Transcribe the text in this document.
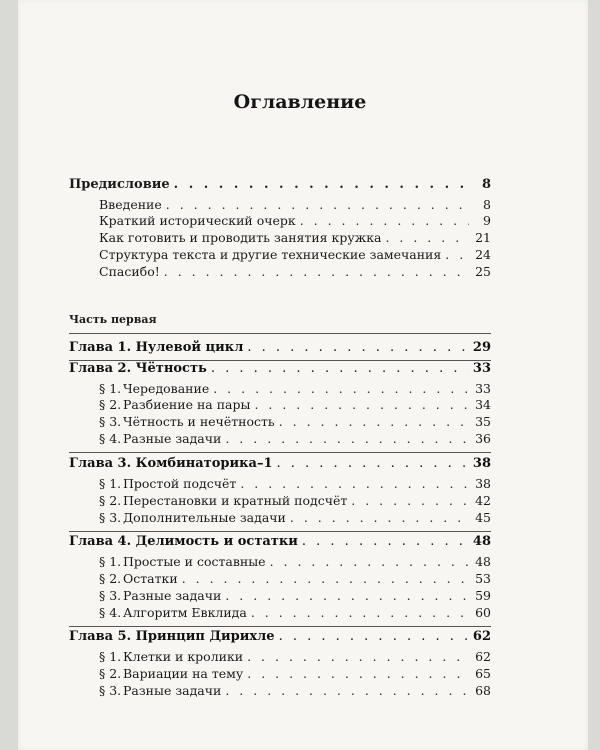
Оглавление
Предисловие . . .	8
Введение . . .	8
Краткий исторический очерк . . .	9
Как готовить и проводить занятия кружка . . .	21
Структура текста и другие технические замечания . . .	24
Спасибо! . . .	25
Часть первая
Глава 1. Нулевой цикл . . .	29
Глава 2. Чётность . . .	33
§ 1. Чередование . . .	33
§ 2. Разбиение на пары . . .	34
§ 3. Чётность и нечётность . . .	35
§ 4. Разные задачи . . .	36
Глава 3. Комбинаторика–1 . . .	38
§ 1. Простой подсчёт . . .	38
§ 2. Перестановки и кратный подсчёт . . .	42
§ 3. Дополнительные задачи . . .	45
Глава 4. Делимость и остатки . . .	48
§ 1. Простые и составные . . .	48
§ 2. Остатки . . .	53
§ 3. Разные задачи . . .	59
§ 4. Алгоритм Евклида . . .	60
Глава 5. Принцип Дирихле . . .	62
§ 1. Клетки и кролики . . .	62
§ 2. Вариации на тему . . .	65
§ 3. Разные задачи . . .	68
